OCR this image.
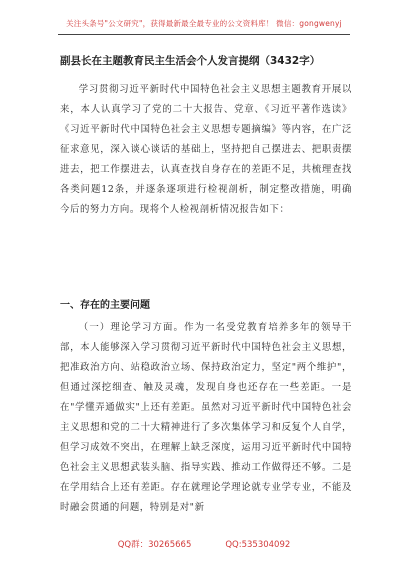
关注头条号"公文研究"，获得最新最全最专业的公文资料库！ 微信：gongwenyj
副县长在主题教育民主生活会个人发言提纲（3432字）
学习贯彻习近平新时代中国特色社会主义思想主题教育开展以来，本人认真学习了党的二十大报告、党章、《习近平著作选读》《习近平新时代中国特色社会主义思想专题摘编》等内容，在广泛征求意见，深入谈心谈话的基础上，坚持把自己摆进去、把职责摆进去，把工作摆进去，认真查找自身存在的差距不足，共梳理查找各类问题12条，并逐条逐项进行检视剖析，制定整改措施，明确今后的努力方向。现将个人检视剖析情况报告如下：
一、存在的主要问题
（一）理论学习方面。作为一名受党教育培养多年的领导干部，本人能够深入学习贯彻习近平新时代中国特色社会主义思想，把准政治方向、站稳政治立场、保持政治定力，坚定"两个维护"，但通过深挖细查、触及灵魂，发现自身也还存在一些差距。一是在"学懂弄通做实"上还有差距。虽然对习近平新时代中国特色社会主义思想和党的二十大精神进行了多次集体学习和反复个人自学，但学习成效不突出，在理解上缺乏深度，运用习近平新时代中国特色社会主义思想武装头脑、指导实践、推动工作做得还不够。二是在学用结合上还有差距。存在就理论学理论就专业学专业，不能及时融会贯通的问题，特别是对"新
QQ群：30265665	QQ:535304092
